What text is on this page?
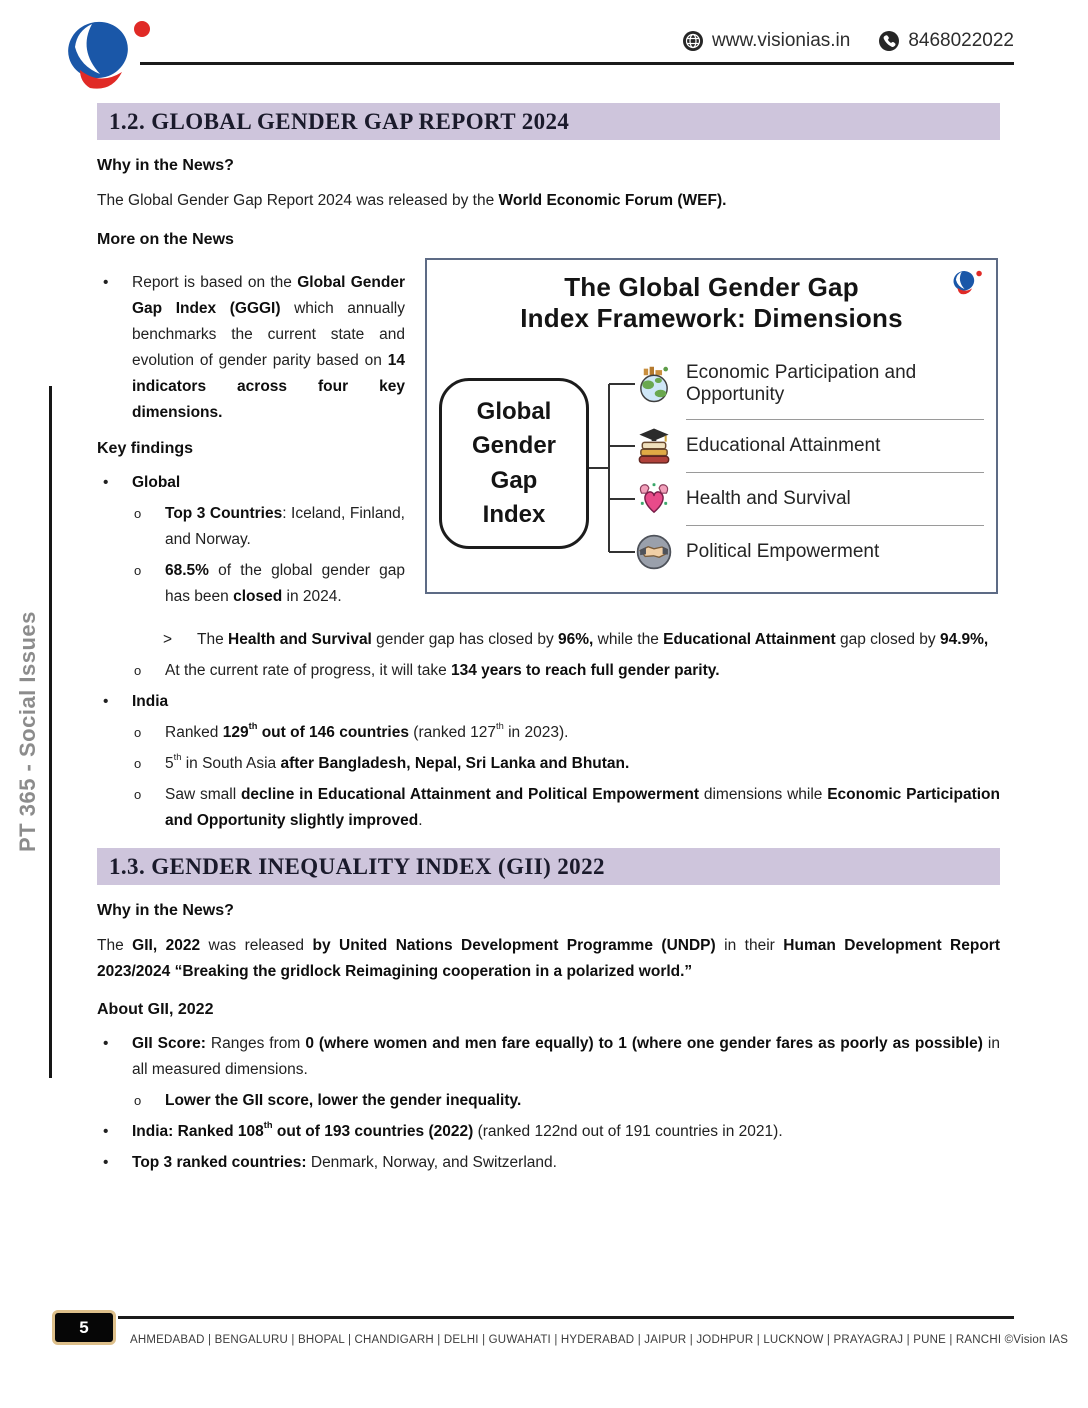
www.visionias.in	8468022022
PT 365 - Social Issues
1.2. GLOBAL GENDER GAP REPORT 2024
Why in the News?

The Global Gender Gap Report 2024 was released by the World Economic Forum (WEF).

More on the News
• Report is based on the Global Gender Gap Index (GGGI) which annually benchmarks the current state and evolution of gender parity based on 14 indicators across four key dimensions.
Key findings
• Global
o Top 3 Countries: Iceland, Finland, and Norway.
o 68.5% of the global gender gap has been closed in 2024.
The Global Gender Gap
Index Framework: Dimensions
Global
Gender
Gap
Index
Economic Participation and Opportunity
Educational Attainment
Health and Survival
Political Empowerment
> The Health and Survival gender gap has closed by 96%, while the Educational Attainment gap closed by 94.9%,
o At the current rate of progress, it will take 134 years to reach full gender parity.
• India
o Ranked 129th out of 146 countries (ranked 127th in 2023).
o 5th in South Asia after Bangladesh, Nepal, Sri Lanka and Bhutan.
o Saw small decline in Educational Attainment and Political Empowerment dimensions while Economic Participation and Opportunity slightly improved.
1.3. GENDER INEQUALITY INDEX (GII) 2022
Why in the News?

The GII, 2022 was released by United Nations Development Programme (UNDP) in their Human Development Report 2023/2024 “Breaking the gridlock Reimagining cooperation in a polarized world.”

About GII, 2022
• GII Score: Ranges from 0 (where women and men fare equally) to 1 (where one gender fares as poorly as possible) in all measured dimensions.
o Lower the GII score, lower the gender inequality.
• India: Ranked 108th out of 193 countries (2022) (ranked 122nd out of 191 countries in 2021).
• Top 3 ranked countries: Denmark, Norway, and Switzerland.
5
AHMEDABAD | BENGALURU | BHOPAL | CHANDIGARH | DELHI | GUWAHATI | HYDERABAD | JAIPUR | JODHPUR | LUCKNOW | PRAYAGRAJ | PUNE | RANCHI ©Vision IAS
